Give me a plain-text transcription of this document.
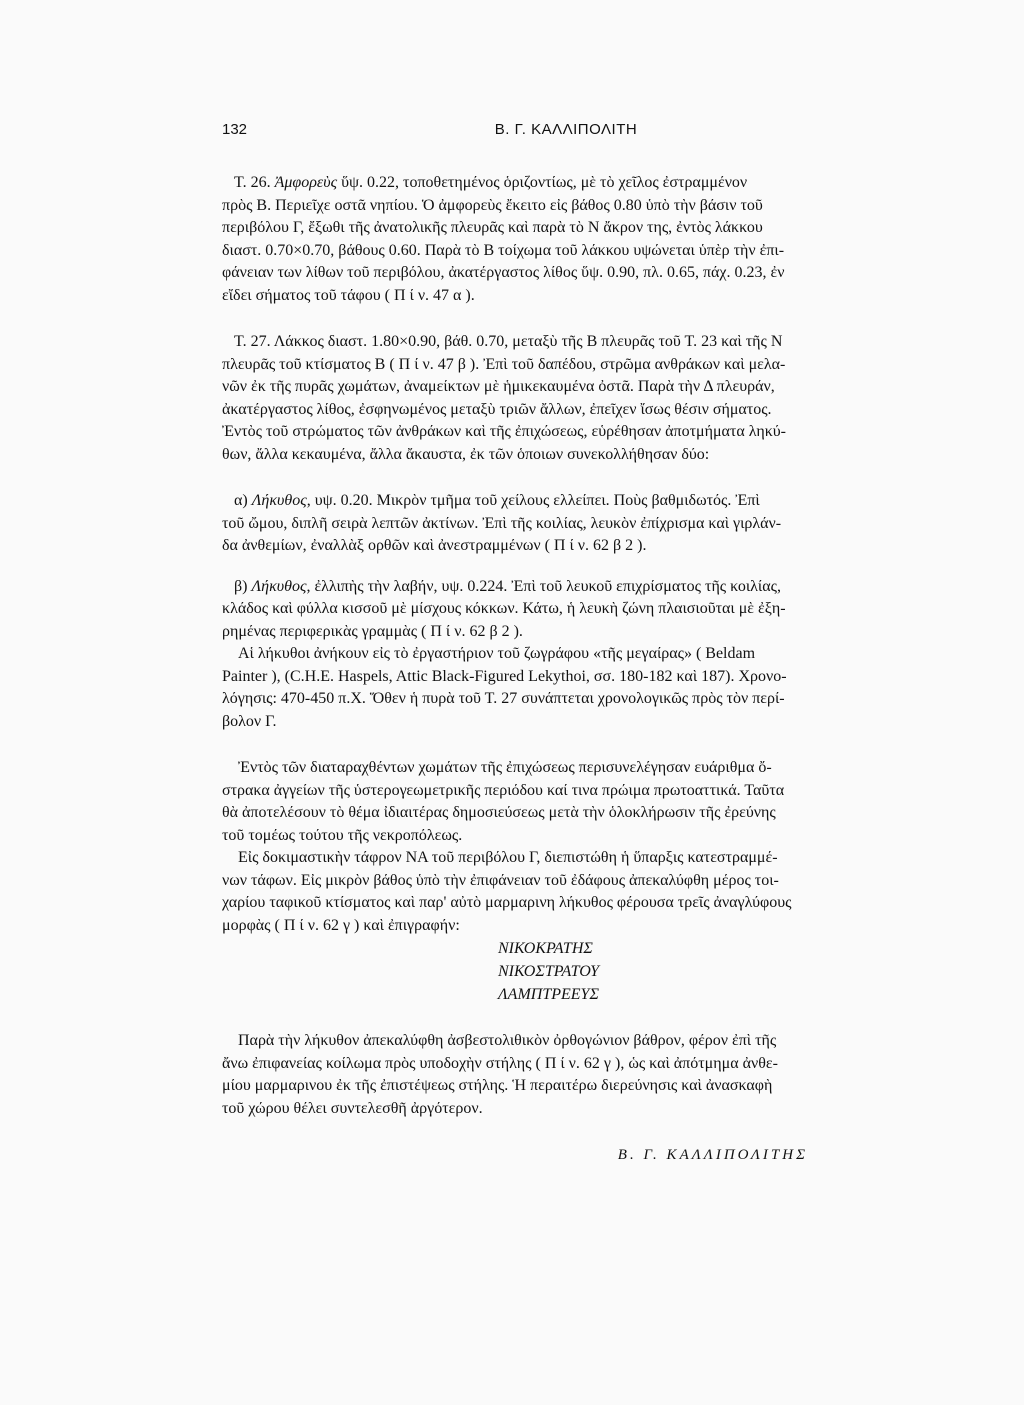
132	Β. Γ. ΚΑΛΛΙΠΟΛΙΤΗ
Τ. 26. Ἀμφορεὺς ὕψ. 0.22, τοποθετημένος ὁριζοντίως, μὲ τὸ χεῖλος ἐστραμμένον
πρὸς Β. Περιεῖχε οστᾶ νηπίου. Ὁ ἀμφορεὺς ἔκειτο εἰς βάθος 0.80 ὑπὸ τὴν βάσιν τοῦ
περιβόλου Γ, ἔξωθι τῆς ἀνατολικῆς πλευρᾶς καὶ παρὰ τὸ Ν ἄκρον της, ἐντὸς λάκκου
διαστ. 0.70×0.70, βάθους 0.60. Παρὰ τὸ Β τοίχωμα τοῦ λάκκου υψώνεται ὑπὲρ τὴν ἐπι-
φάνειαν των λίθων τοῦ περιβόλου, ἀκατέργαστος λίθος ὕψ. 0.90, πλ. 0.65, πάχ. 0.23, ἐν
εἴδει σήματος τοῦ τάφου ( Π ί ν. 47 α ).
Τ. 27. Λάκκος διαστ. 1.80×0.90, βάθ. 0.70, μεταξὺ τῆς Β πλευρᾶς τοῦ Τ. 23 καὶ τῆς Ν
πλευρᾶς τοῦ κτίσματος Β ( Π ί ν. 47 β ). Ἐπὶ τοῦ δαπέδου, στρῶμα ανθράκων καὶ μελα-
νῶν ἐκ τῆς πυρᾶς χωμάτων, ἀναμείκτων μὲ ἡμικεκαυμένα ὀστᾶ. Παρὰ τὴν Δ πλευράν,
ἀκατέργαστος λίθος, ἐσφηνωμένος μεταξὺ τριῶν ἄλλων, ἐπεῖχεν ἴσως θέσιν σήματος.
Ἐντὸς τοῦ στρώματος τῶν ἀνθράκων καὶ τῆς ἐπιχώσεως, εὑρέθησαν ἀποτμήματα ληκύ-
θων, ἄλλα κεκαυμένα, ἄλλα ἄκαυστα, ἐκ τῶν ὁποιων συνεκολλήθησαν δύο:
α) Λήκυθος, υψ. 0.20. Μικρὸν τμῆμα τοῦ χείλους ελλείπει. Ποὺς βαθμιδωτός. Ἐπὶ
τοῦ ὤμου, διπλῆ σειρὰ λεπτῶν ἀκτίνων. Ἐπὶ τῆς κοιλίας, λευκὸν ἐπίχρισμα καὶ γιρλάν-
δα ἀνθεμίων, ἐναλλὰξ ορθῶν καὶ ἀνεστραμμένων ( Π ί ν. 62 β 2 ).
β) Λήκυθος, ἐλλιπὴς τὴν λαβήν, υψ. 0.224. Ἐπὶ τοῦ λευκοῦ επιχρίσματος τῆς κοιλίας,
κλάδος καὶ φύλλα κισσοῦ μὲ μίσχους κόκκων. Κάτω, ἡ λευκὴ ζώνη πλαισιοῦται μὲ ἐξη-
ρημένας περιφερικὰς γραμμὰς ( Π ί ν. 62 β 2 ).
Αἱ λήκυθοι ἀνήκουν εἰς τὸ ἐργαστήριον τοῦ ζωγράφου «τῆς μεγαίρας» ( Beldam
Painter ), (C.H.E. Haspels, Attic Black-Figured Lekythoi, σσ. 180-182 καὶ 187). Χρονο-
λόγησις: 470-450 π.Χ. Ὅθεν ἡ πυρὰ τοῦ Τ. 27 συνάπτεται χρονολογικῶς πρὸς τὸν περί-
βολον Γ.
Ἐντὸς τῶν διαταραχθέντων χωμάτων τῆς ἐπιχώσεως περισυνελέγησαν ευάριθμα ὄ-
στρακα ἀγγείων τῆς ὑστερογεωμετρικῆς περιόδου καί τινα πρώιμα πρωτοαττικά. Ταῦτα
θὰ ἀποτελέσουν τὸ θέμα ἰδιαιτέρας δημοσιεύσεως μετὰ τὴν ὁλοκλήρωσιν τῆς ἐρεύνης
τοῦ τομέως τούτου τῆς νεκροπόλεως.
Εἰς δοκιμαστικὴν τάφρον ΝΑ τοῦ περιβόλου Γ, διεπιστώθη ἡ ὕπαρξις κατεστραμμέ-
νων τάφων. Εἰς μικρὸν βάθος ὑπὸ τὴν ἐπιφάνειαν τοῦ ἐδάφους ἀπεκαλύφθη μέρος τοι-
χαρίου ταφικοῦ κτίσματος καὶ παρ' αὐτὸ μαρμαρινη λήκυθος φέρουσα τρεῖς ἀναγλύφους
μορφὰς ( Π ί ν. 62 γ ) καὶ ἐπιγραφήν:
ΝΙΚΟΚΡΑΤΗΣ
ΝΙΚΟΣΤΡΑΤΟΥ
ΛΑΜΠΤΡΕΕΥΣ
Παρὰ τὴν λήκυθον ἀπεκαλύφθη ἀσβεστολιθικὸν ὀρθογώνιον βάθρον, φέρον ἐπὶ τῆς
ἄνω ἐπιφανείας κοίλωμα πρὸς υποδοχὴν στήλης ( Π ί ν. 62 γ ), ὡς καὶ ἀπότμημα ἀνθε-
μίου μαρμαρινου ἐκ τῆς ἐπιστέψεως στήλης. Ἡ περαιτέρω διερεύνησις καὶ ἀνασκαφὴ
τοῦ χώρου θέλει συντελεσθῆ ἀργότερον.
Β. Γ. ΚΑΛΛΙΠΟΛΙΤΗΣ
